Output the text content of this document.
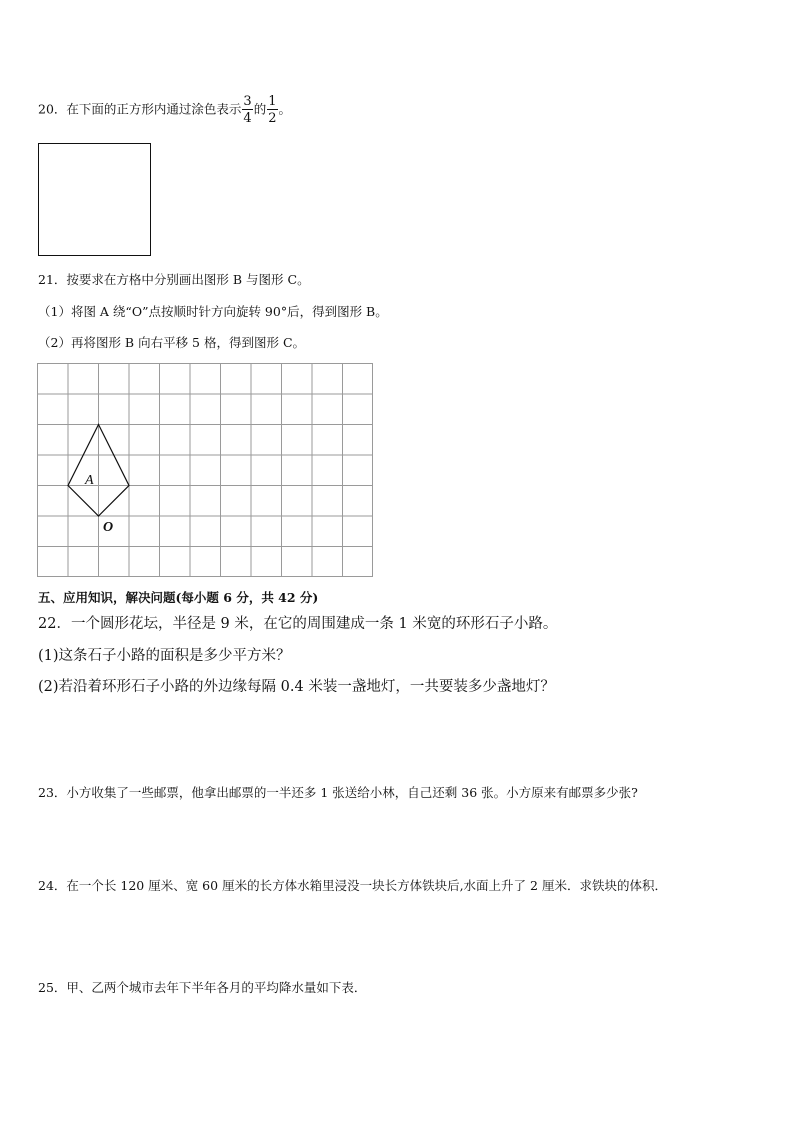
20．在下面的正方形内通过涂色表示 $\frac{3}{4}$ 的 $\frac{1}{2}$ 。
21．按要求在方格中分别画出图形 B 与图形 C。
（1）将图 A 绕“O”点按顺时针方向旋转 90°后，得到图形 B。
（2）再将图形 B 向右平移 5 格，得到图形 C。
A
O
五、应用知识，解决问题(每小题 6 分，共 42 分)
22．一个圆形花坛，半径是 9 米，在它的周围建成一条 1 米宽的环形石子小路。
(1)这条石子小路的面积是多少平方米？
(2)若沿着环形石子小路的外边缘每隔 0.4 米装一盏地灯，一共要装多少盏地灯？
23．小方收集了一些邮票，他拿出邮票的一半还多 1 张送给小林，自己还剩 36 张。小方原来有邮票多少张?
24．在一个长 120 厘米、宽 60 厘米的长方体水箱里浸没一块长方体铁块后,水面上升了 2 厘米．求铁块的体积．
25．甲、乙两个城市去年下半年各月的平均降水量如下表．
